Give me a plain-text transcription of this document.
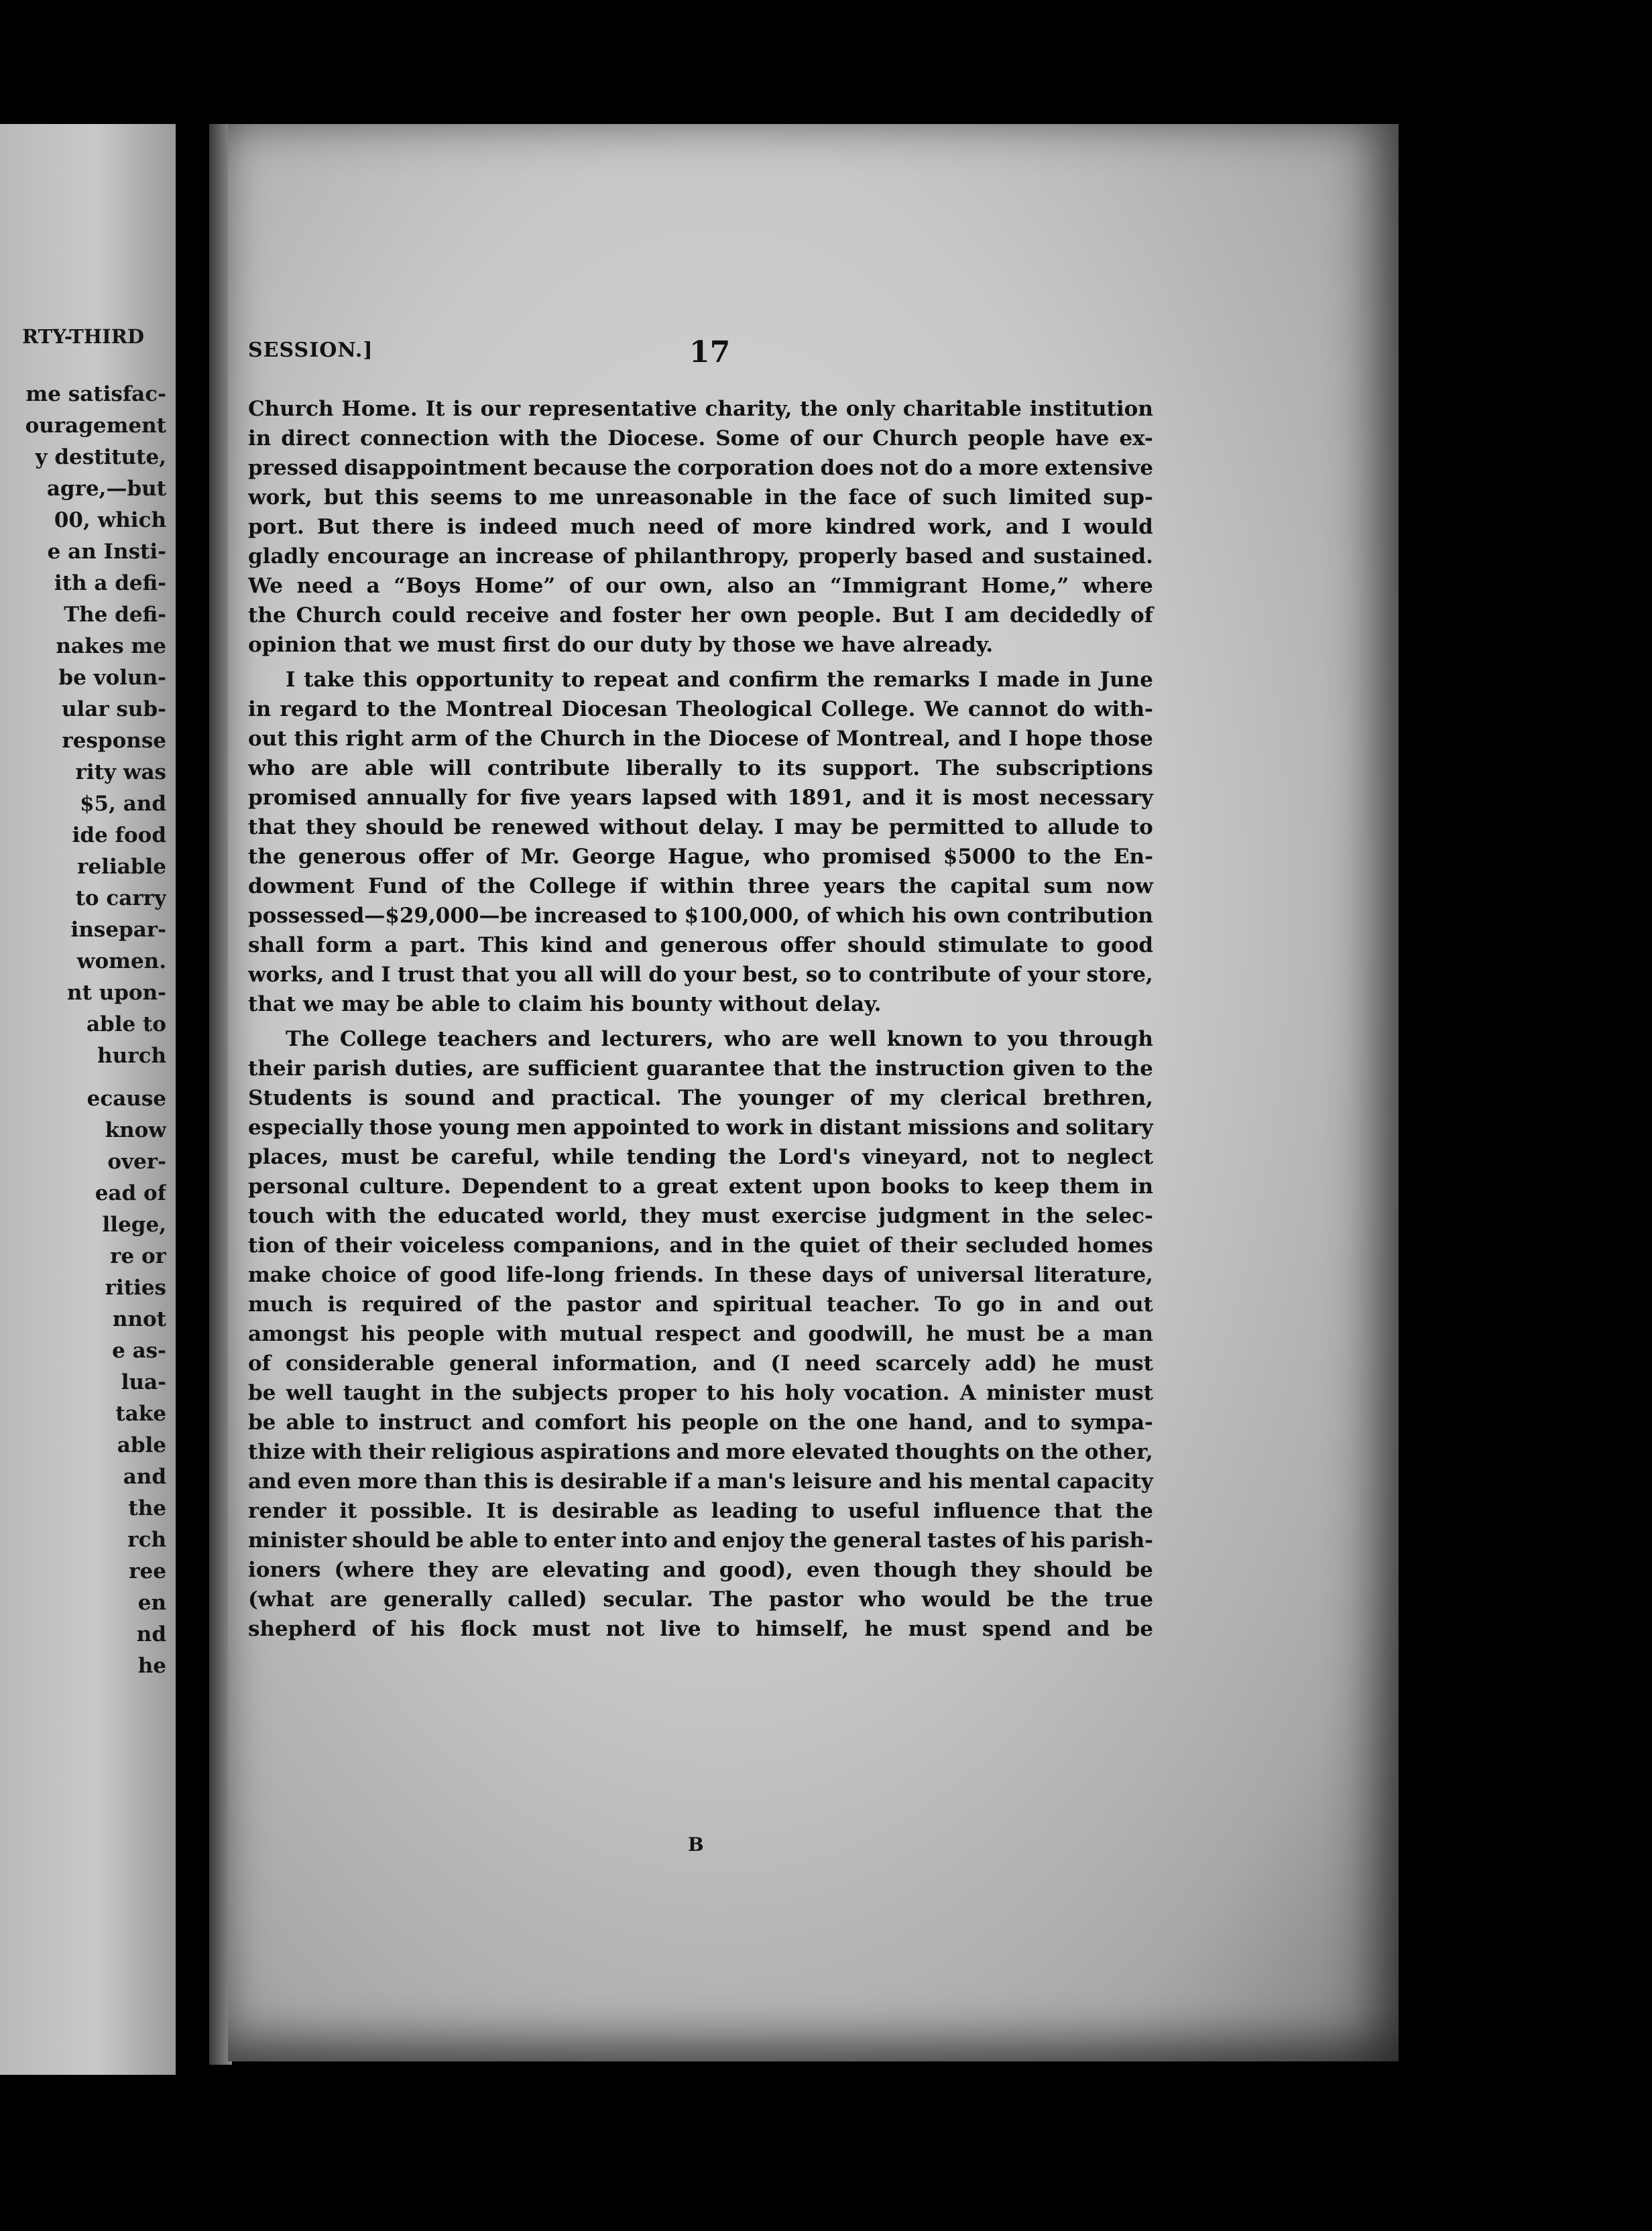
RTY-THIRD
me satisfac-
ouragement
y destitute,
agre,—but
00, which
e an Insti-
ith a defi-
The defi-
nakes me
be volun-
ular sub-
response
rity was
$5, and
ide food
reliable
to carry
insepar-
women.
nt upon-
able to
hurch
ecause
know
over-
ead of
llege,
re or
rities
nnot
e as-
lua-
take
able
and
the
rch
ree
en
nd
he
SESSION.]	17
Church Home. It is our representative charity, the only charitable institution
in direct connection with the Diocese. Some of our Church people have ex-
pressed disappointment because the corporation does not do a more extensive
work, but this seems to me unreasonable in the face of such limited sup-
port. But there is indeed much need of more kindred work, and I would
gladly encourage an increase of philanthropy, properly based and sustained.
We need a “Boys Home” of our own, also an “Immigrant Home,” where
the Church could receive and foster her own people. But I am decidedly of
opinion that we must first do our duty by those we have already.
I take this opportunity to repeat and confirm the remarks I made in June
in regard to the Montreal Diocesan Theological College. We cannot do with-
out this right arm of the Church in the Diocese of Montreal, and I hope those
who are able will contribute liberally to its support. The subscriptions
promised annually for five years lapsed with 1891, and it is most necessary
that they should be renewed without delay. I may be permitted to allude to
the generous offer of Mr. George Hague, who promised $5000 to the En-
dowment Fund of the College if within three years the capital sum now
possessed—$29,000—be increased to $100,000, of which his own contribution
shall form a part. This kind and generous offer should stimulate to good
works, and I trust that you all will do your best, so to contribute of your store,
that we may be able to claim his bounty without delay.
The College teachers and lecturers, who are well known to you through
their parish duties, are sufficient guarantee that the instruction given to the
Students is sound and practical. The younger of my clerical brethren,
especially those young men appointed to work in distant missions and solitary
places, must be careful, while tending the Lord's vineyard, not to neglect
personal culture. Dependent to a great extent upon books to keep them in
touch with the educated world, they must exercise judgment in the selec-
tion of their voiceless companions, and in the quiet of their secluded homes
make choice of good life-long friends. In these days of universal literature,
much is required of the pastor and spiritual teacher. To go in and out
amongst his people with mutual respect and goodwill, he must be a man
of considerable general information, and (I need scarcely add) he must
be well taught in the subjects proper to his holy vocation. A minister must
be able to instruct and comfort his people on the one hand, and to sympa-
thize with their religious aspirations and more elevated thoughts on the other,
and even more than this is desirable if a man's leisure and his mental capacity
render it possible. It is desirable as leading to useful influence that the
minister should be able to enter into and enjoy the general tastes of his parish-
ioners (where they are elevating and good), even though they should be
(what are generally called) secular. The pastor who would be the true
shepherd of his flock must not live to himself, he must spend and be
B
